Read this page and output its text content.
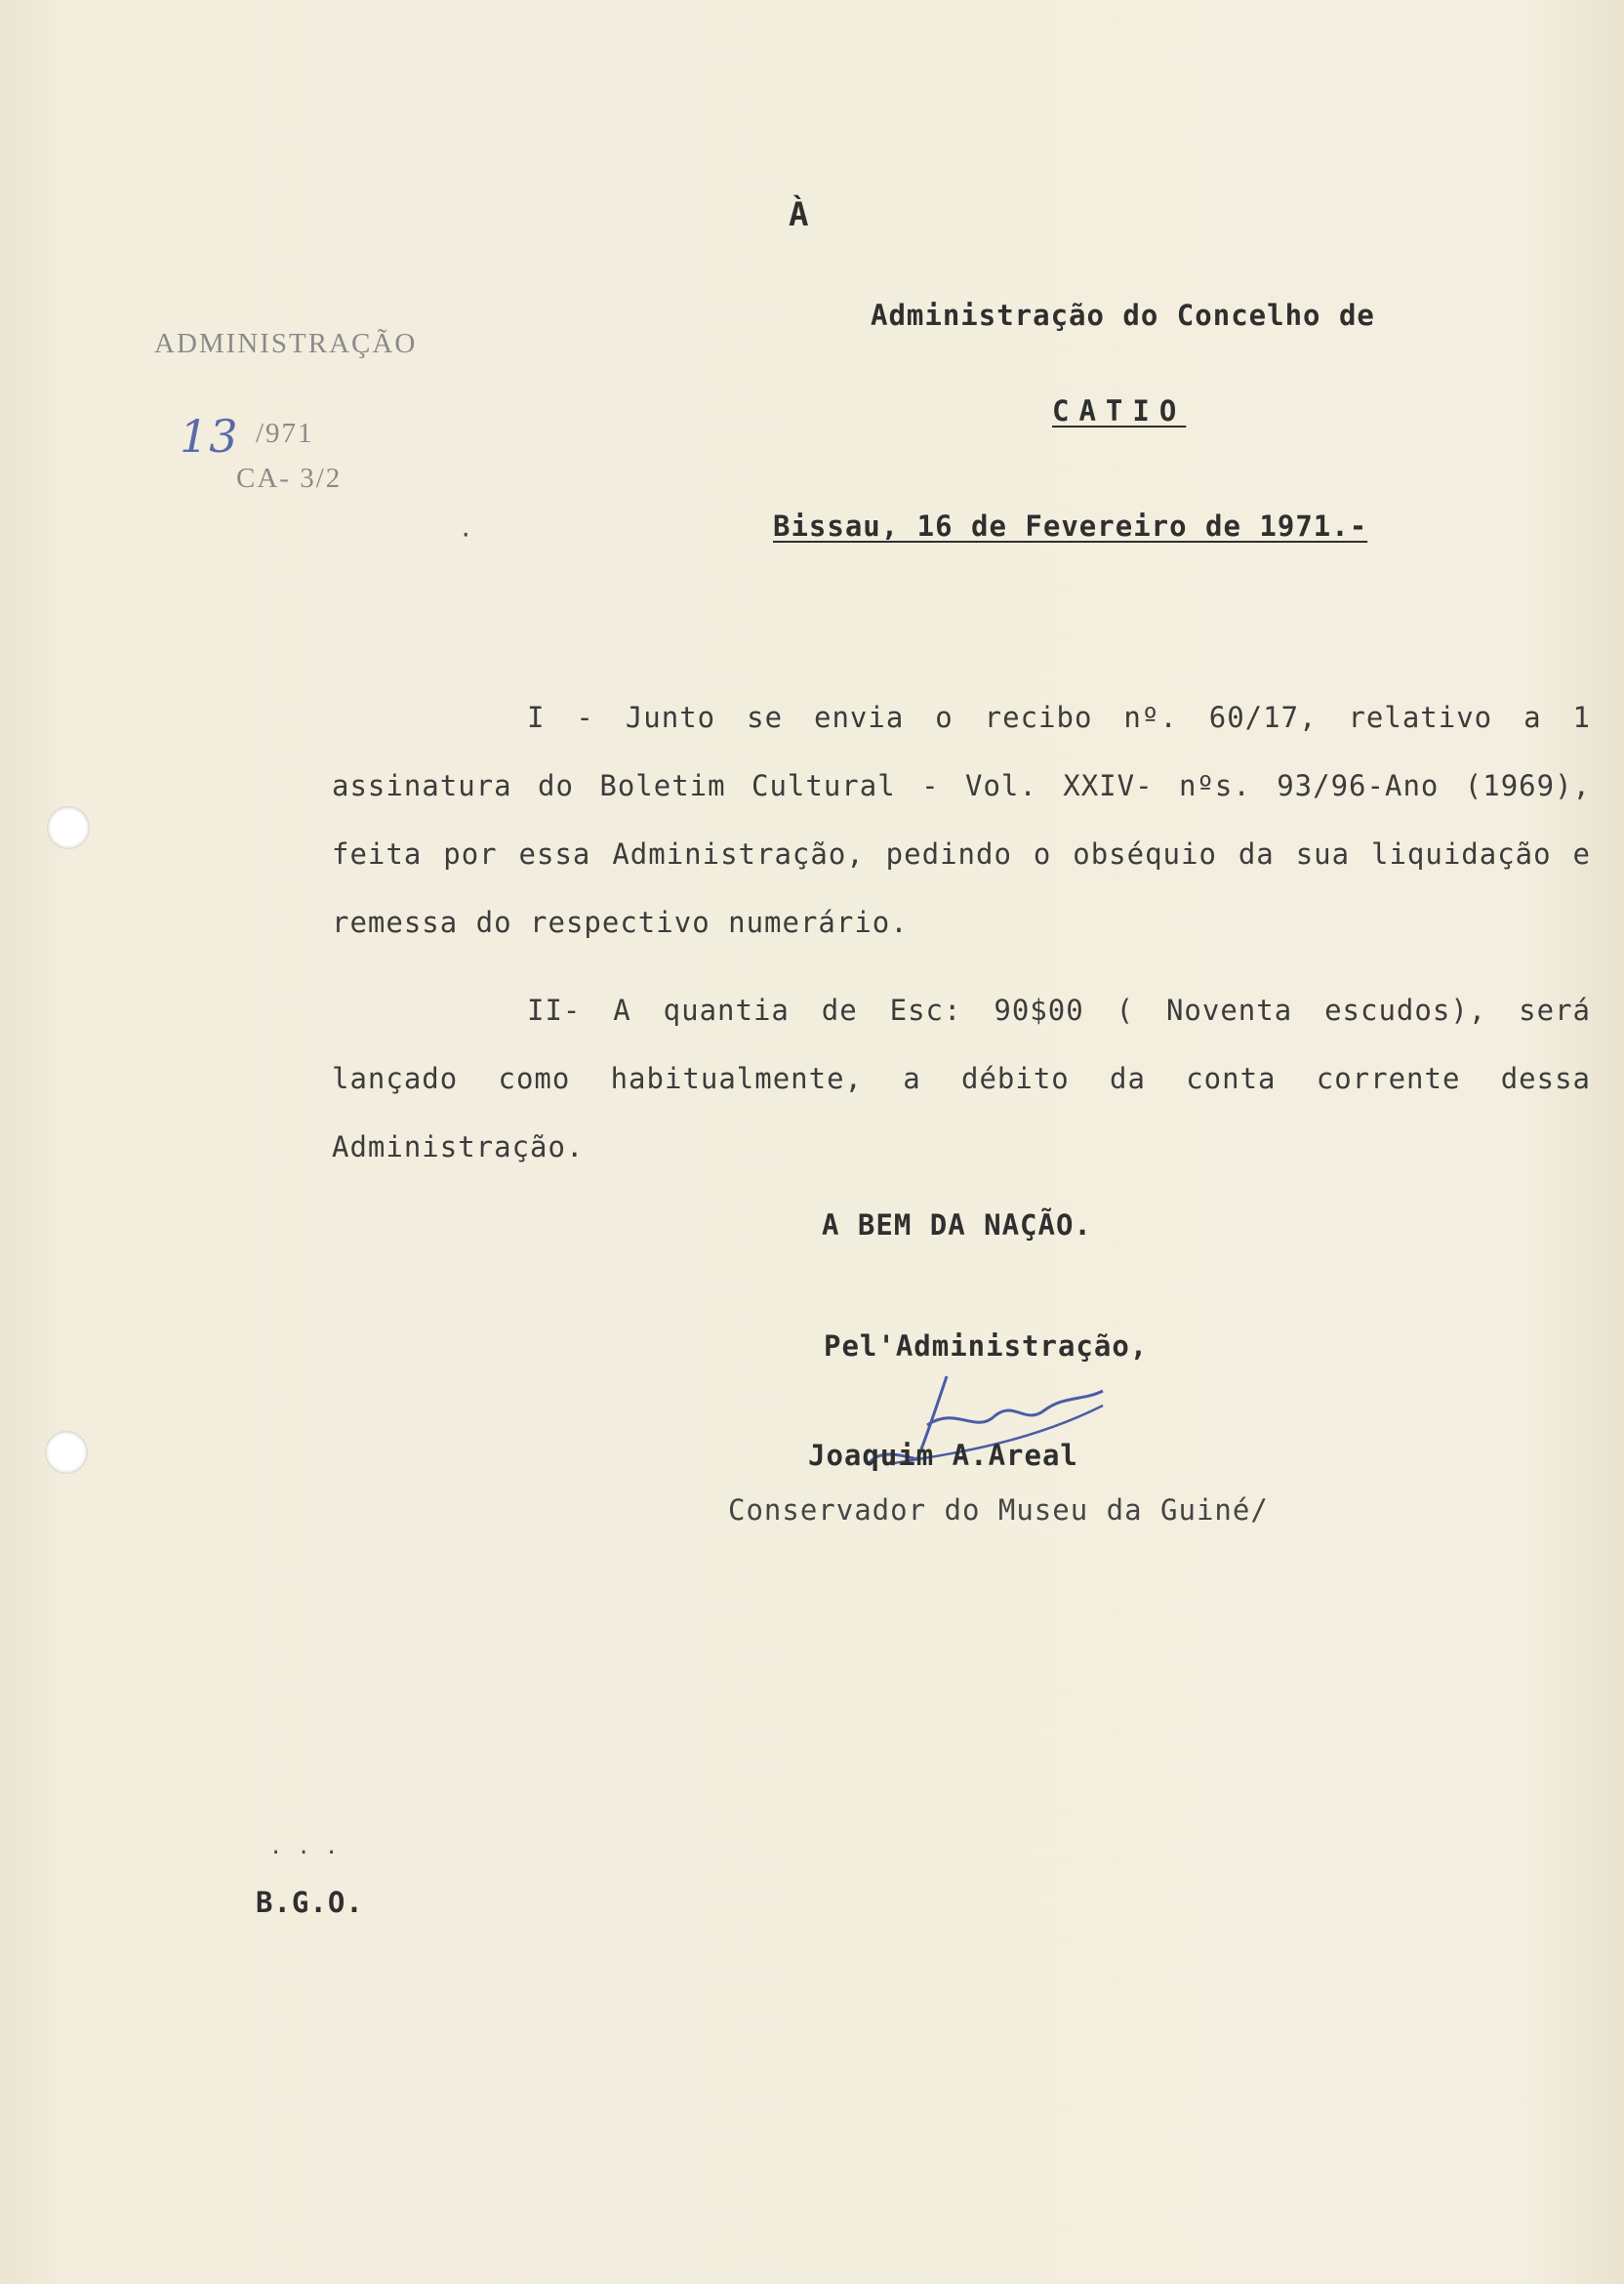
À
Administração do Concelho de
CATIO
Bissau, 16 de Fevereiro de 1971.-
ADMINISTRAÇÃO
13 /971
CA- 3/2
·
I - Junto se envia o recibo nº. 60/17, relativo a 1 assinatura do Boletim Cultural - Vol. XXIV- nºs. 93/96-Ano (1969), feita por essa Administração, pedindo o obséquio da sua liquidação e remessa do respectivo numerário.
II- A quantia de Esc: 90$00 ( Noventa escudos), será lançado como habitualmente, a débito da conta corrente dessa Administração.
A BEM DA NAÇÃO.
Pel'Administração,
Joaquim A.Areal
Conservador do Museu da Guiné/
. . .
B.G.O.
